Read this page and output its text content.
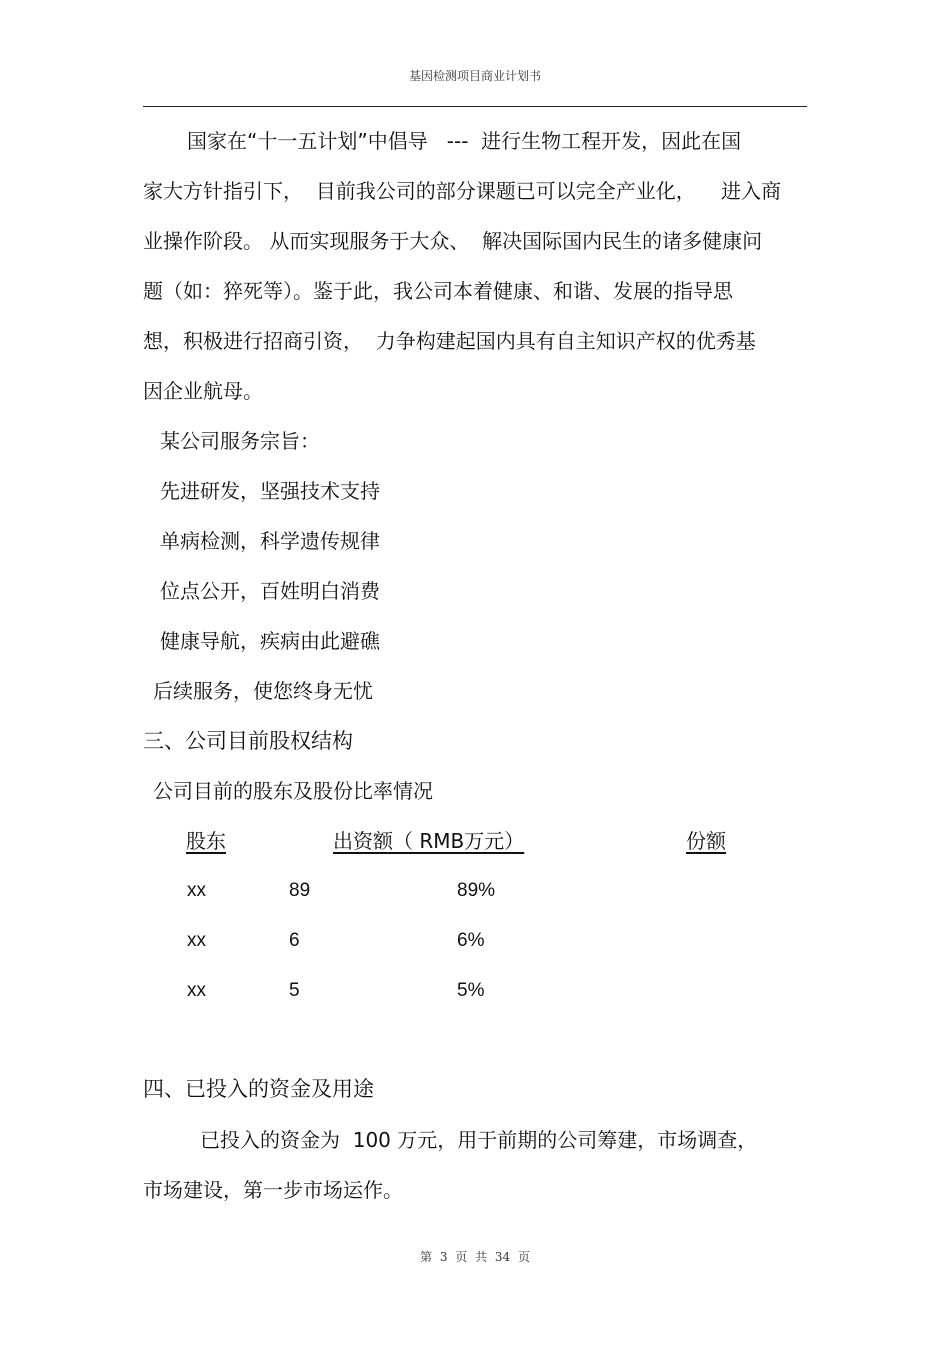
基因检测项目商业计划书
国家在“十一五计划”中倡导   ---  进行生物工程开发，因此在国
家大方针指引下，  目前我公司的部分课题已可以完全产业化，    进入商
业操作阶段。 从而实现服务于大众、  解决国际国内民生的诸多健康问
题（如：猝死等）。鉴于此，我公司本着健康、和谐、发展的指导思
想，积极进行招商引资，  力争构建起国内具有自主知识产权的优秀基
因企业航母。
某公司服务宗旨：
先进研发，坚强技术支持
单病检测，科学遗传规律
位点公开，百姓明白消费
健康导航，疾病由此避礁
后续服务，使您终身无忧
三、公司目前股权结构
公司目前的股东及股份比率情况
股东	出资额（ RMB万元）	份额
xx	89	89%
xx	6	6%
xx	5	5%
四、已投入的资金及用途
已投入的资金为  100 万元，用于前期的公司筹建，市场调查，
市场建设，第一步市场运作。
第 3 页 共 34 页
